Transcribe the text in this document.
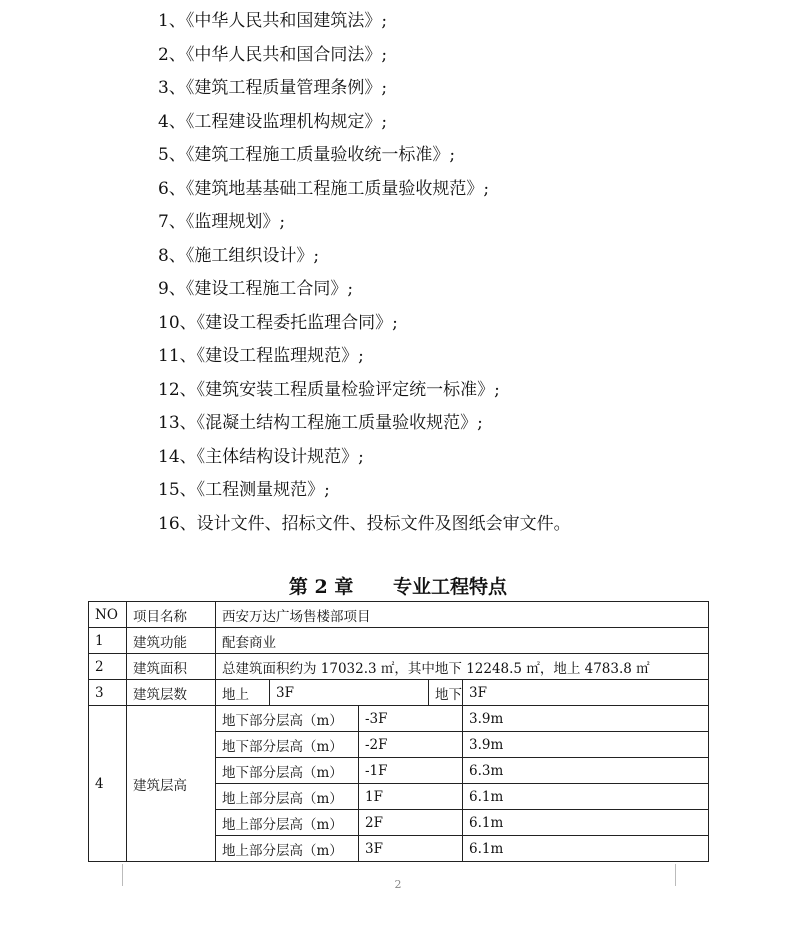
1、《中华人民共和国建筑法》;
2、《中华人民共和国合同法》;
3、《建筑工程质量管理条例》;
4、《工程建设监理机构规定》;
5、《建筑工程施工质量验收统一标准》;
6、《建筑地基基础工程施工质量验收规范》;
7、《监理规划》;
8、《施工组织设计》;
9、《建设工程施工合同》;
10、《建设工程委托监理合同》;
11、《建设工程监理规范》;
12、《建筑安装工程质量检验评定统一标准》;
13、《混凝土结构工程施工质量验收规范》;
14、《主体结构设计规范》;
15、《工程测量规范》;
16、设计文件、招标文件、投标文件及图纸会审文件。
第 2 章      专业工程特点
NO	项目名称	西安万达广场售楼部项目				
1	建筑功能	配套商业				
2	建筑面积	总建筑面积约为 17032.3 ㎡，其中地下 12248.5 ㎡，地上 4783.8 ㎡				
3	建筑层数	地上	3F		地下	3F
4	建筑层高	地下部分层高（m）		-3F		3.9m
		地下部分层高（m）		-2F		3.9m
		地下部分层高（m）		-1F		6.3m
		地上部分层高（m）		1F		6.1m
		地上部分层高（m）		2F		6.1m
		地上部分层高（m）		3F		6.1m
2
